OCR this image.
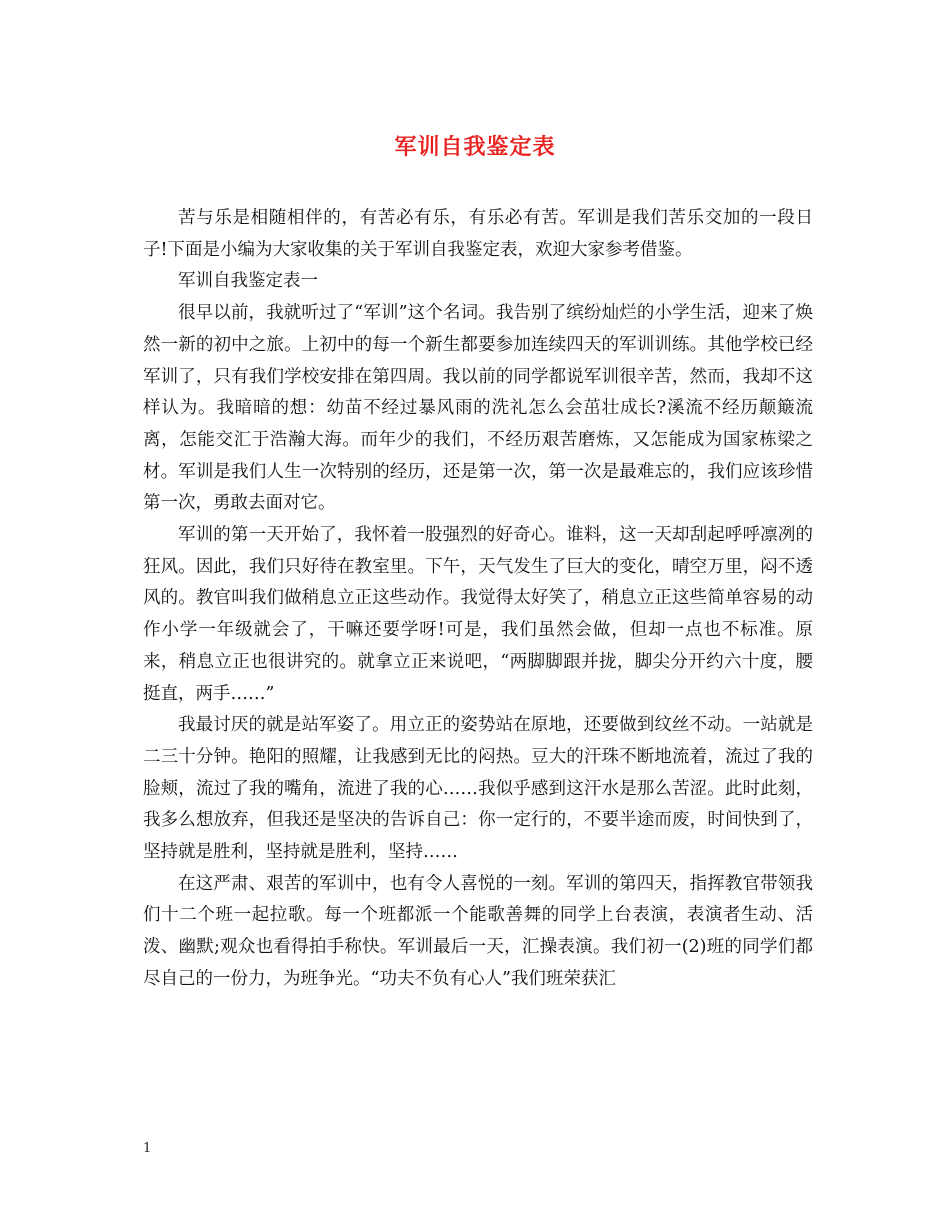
军训自我鉴定表

苦与乐是相随相伴的，有苦必有乐，有乐必有苦。军训是我们苦乐交加的一段日子!下面是小编为大家收集的关于军训自我鉴定表，欢迎大家参考借鉴。

军训自我鉴定表一

很早以前，我就听过了“军训”这个名词。我告别了缤纷灿烂的小学生活，迎来了焕然一新的初中之旅。上初中的每一个新生都要参加连续四天的军训训练。其他学校已经军训了，只有我们学校安排在第四周。我以前的同学都说军训很辛苦，然而，我却不这样认为。我暗暗的想：幼苗不经过暴风雨的洗礼怎么会茁壮成长?溪流不经历颠簸流离，怎能交汇于浩瀚大海。而年少的我们，不经历艰苦磨炼，又怎能成为国家栋梁之材。军训是我们人生一次特别的经历，还是第一次，第一次是最难忘的，我们应该珍惜第一次，勇敢去面对它。

军训的第一天开始了，我怀着一股强烈的好奇心。谁料，这一天却刮起呼呼凛冽的狂风。因此，我们只好待在教室里。下午，天气发生了巨大的变化，晴空万里，闷不透风的。教官叫我们做稍息立正这些动作。我觉得太好笑了，稍息立正这些简单容易的动作小学一年级就会了，干嘛还要学呀!可是，我们虽然会做，但却一点也不标准。原来，稍息立正也很讲究的。就拿立正来说吧，“两脚脚跟并拢，脚尖分开约六十度，腰挺直，两手……”

我最讨厌的就是站军姿了。用立正的姿势站在原地，还要做到纹丝不动。一站就是二三十分钟。艳阳的照耀，让我感到无比的闷热。豆大的汗珠不断地流着，流过了我的脸颊，流过了我的嘴角，流进了我的心……我似乎感到这汗水是那么苦涩。此时此刻，我多么想放弃，但我还是坚决的告诉自己：你一定行的，不要半途而废，时间快到了，坚持就是胜利，坚持就是胜利，坚持……

在这严肃、艰苦的军训中，也有令人喜悦的一刻。军训的第四天，指挥教官带领我们十二个班一起拉歌。每一个班都派一个能歌善舞的同学上台表演，表演者生动、活泼、幽默;观众也看得拍手称快。军训最后一天，汇操表演。我们初一(2)班的同学们都尽自己的一份力，为班争光。“功夫不负有心人”我们班荣获汇

1
